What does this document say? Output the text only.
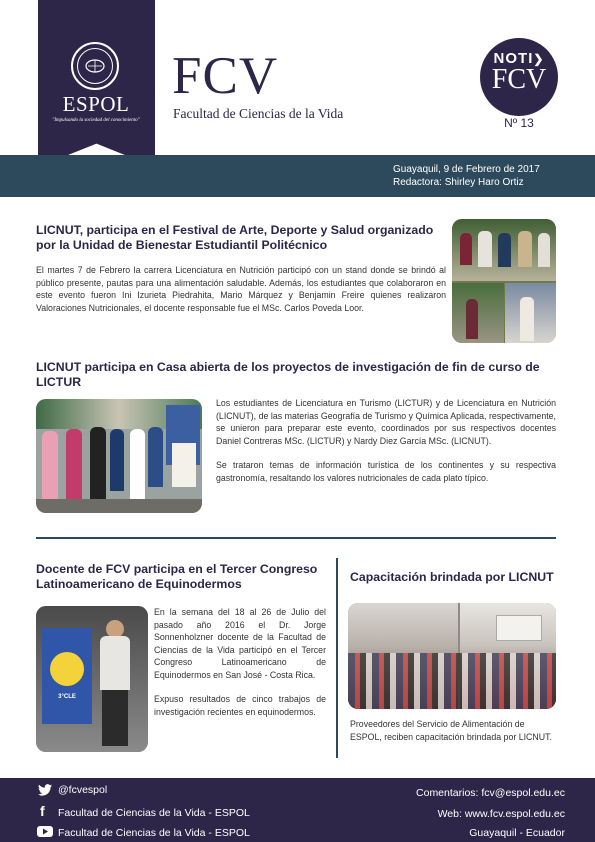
ESPOL
"Impulsando la sociedad del conocimiento"
FCV
Facultad de Ciencias de la Vida
NOTI❯
FCV
Nº 13
Guayaquil, 9 de Febrero de 2017
Redactora: Shirley Haro Ortiz
LICNUT, participa en el Festival de Arte, Deporte y Salud organizado por la Unidad de Bienestar Estudiantil Politécnico

El martes 7 de Febrero la carrera Licenciatura en Nutrición participó con un stand donde se brindó al público presente, pautas para una alimentación saludable. Además, los estudiantes que colaboraron en este evento fueron Ini Izurieta Piedrahita, Mario Márquez y Benjamin Freire quienes realizaron Valoraciones Nutricionales, el docente responsable fue el MSc. Carlos Poveda Loor.

LICNUT participa en Casa abierta de los proyectos de investigación de fin de curso de LICTUR

Los estudiantes de Licenciatura en Turismo (LICTUR) y de Licenciatura en Nutrición (LICNUT), de las materias Geografía de Turismo y Química Aplicada, respectivamente, se unieron para preparar este evento, coordinados por sus respectivos docentes Daniel Contreras MSc. (LICTUR) y Nardy Diez García MSc. (LICNUT).

Se trataron temas de información turística de los continentes y su respectiva gastronomía, resaltando los valores nutricionales de cada plato típico.

Docente de FCV participa en el Tercer Congreso Latinoamericano de Equinodermos
3°CLE

En la semana del 18 al 26 de Julio del pasado año 2016 el Dr. Jorge Sonnenholzner docente de la Facultad de Ciencias de la Vida participó en el Tercer Congreso Latinoamericano de Equinodermos en San José - Costa Rica.

Expuso resultados de cinco trabajos de investigación recientes en equinodermos.

Capacitación brindada por LICNUT

Proveedores del Servicio de Alimentación de ESPOL, reciben capacitación brindada por LICNUT.

@fcvespol
f	Facultad de Ciencias de la Vida - ESPOL
Facultad de Ciencias de la Vida - ESPOL
Comentarios: fcv@espol.edu.ec
Web: www.fcv.espol.edu.ec
Guayaquil - Ecuador
